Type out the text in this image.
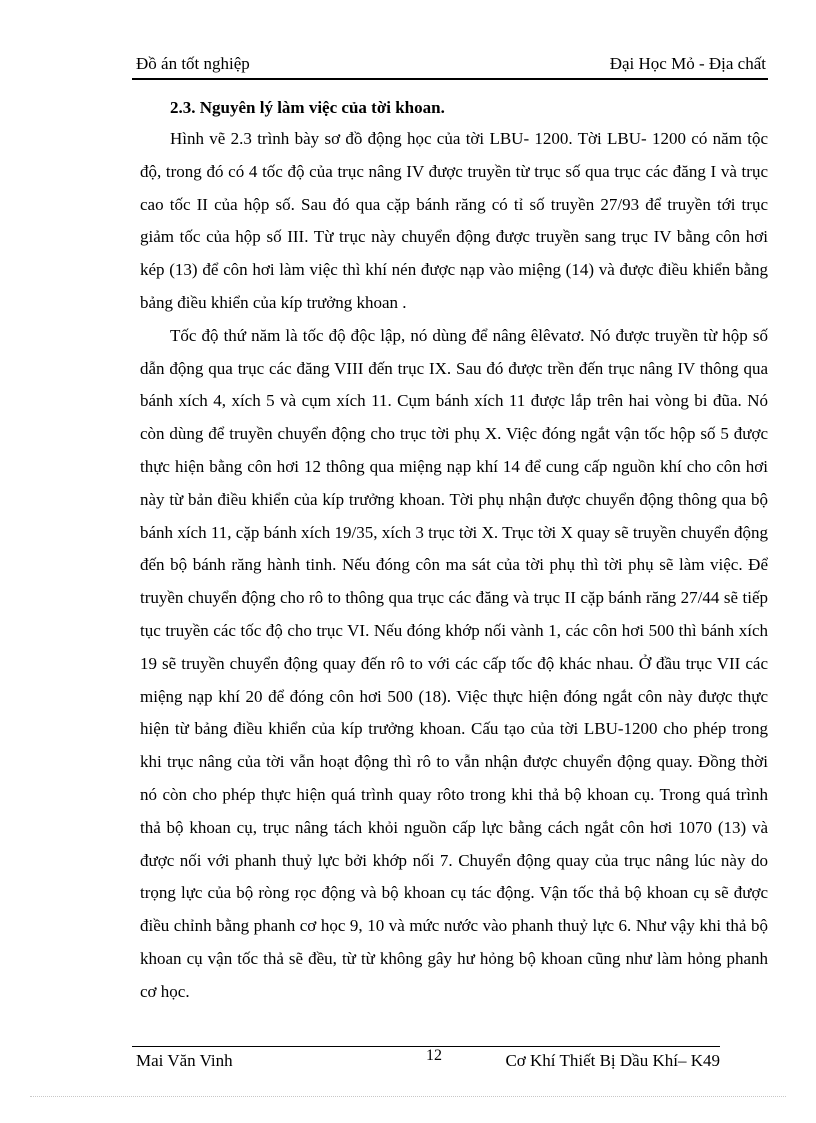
Đồ án tốt nghiệp	Đại Học Mỏ - Địa chất

2.3. Nguyên lý làm việc của tời khoan.

Hình vẽ 2.3 trình bày sơ đồ động học của tời LBU- 1200. Tời LBU- 1200 có năm tộc độ, trong đó có 4 tốc độ của trục nâng IV được truyền từ trục số qua trục các đăng I và trục cao tốc II của hộp số. Sau đó qua cặp bánh răng có tỉ số truyền 27/93 để truyền tới trục giảm tốc của hộp số III. Từ trục này chuyển động được truyền sang trục IV bằng côn hơi kép (13) để côn hơi làm việc thì khí nén được nạp vào miệng (14) và được điều khiển bằng bảng điều khiển của kíp trưởng khoan .

Tốc độ thứ năm là tốc độ độc lập, nó dùng để nâng êlêvatơ. Nó được truyền từ hộp số dẫn động qua trục các đăng VIII đến trục IX. Sau đó được trền đến trục nâng IV thông qua bánh xích 4, xích 5 và cụm xích 11. Cụm bánh xích 11 được lắp trên hai vòng bi đũa. Nó còn dùng để truyền chuyển động cho trục tời phụ X. Việc đóng ngắt vận tốc hộp số 5 được thực hiện bằng côn hơi 12 thông qua miệng nạp khí 14 để cung cấp nguồn khí cho côn hơi này từ bản điều khiển của kíp trưởng khoan. Tời phụ nhận được chuyển động thông qua bộ bánh xích 11, cặp bánh xích 19/35, xích 3 trục tời X. Trục tời X quay sẽ truyền chuyển động đến bộ bánh răng hành tinh. Nếu đóng côn ma sát của tời phụ thì tời phụ sẽ làm việc. Để truyền chuyển động cho rô to thông qua trục các đăng và trục II cặp bánh răng 27/44 sẽ tiếp tục truyền các tốc độ cho trục VI. Nếu đóng khớp nối vành 1, các côn hơi 500 thì bánh xích 19 sẽ truyền chuyển động quay đến rô to với các cấp tốc độ khác nhau. Ở đầu trục VII các miệng nạp khí 20 để đóng côn hơi 500 (18). Việc thực hiện đóng ngắt côn này được thực hiện từ bảng điều khiển của kíp trưởng khoan. Cấu tạo của tời LBU-1200 cho phép trong khi trục nâng của tời vẫn hoạt động thì rô to vẫn nhận được chuyển động quay. Đồng thời nó còn cho phép thực hiện quá trình quay rôto trong khi thả bộ khoan cụ. Trong quá trình thả bộ khoan cụ, trục nâng tách khỏi nguồn cấp lực bằng cách ngắt côn hơi 1070 (13) và được nối với phanh thuỷ lực bởi khớp nối 7. Chuyển động quay của trục nâng lúc này do trọng lực của bộ ròng rọc động và bộ khoan cụ tác động. Vận tốc thả bộ khoan cụ sẽ được điều chỉnh bằng phanh cơ học 9, 10 và mức nước vào phanh thuỷ lực 6. Như vậy khi thả bộ khoan cụ vận tốc thả sẽ đều, từ từ không gây hư hỏng bộ khoan cũng như làm hỏng phanh cơ học.

Mai Văn Vinh	12	Cơ Khí Thiết Bị Dầu Khí– K49
